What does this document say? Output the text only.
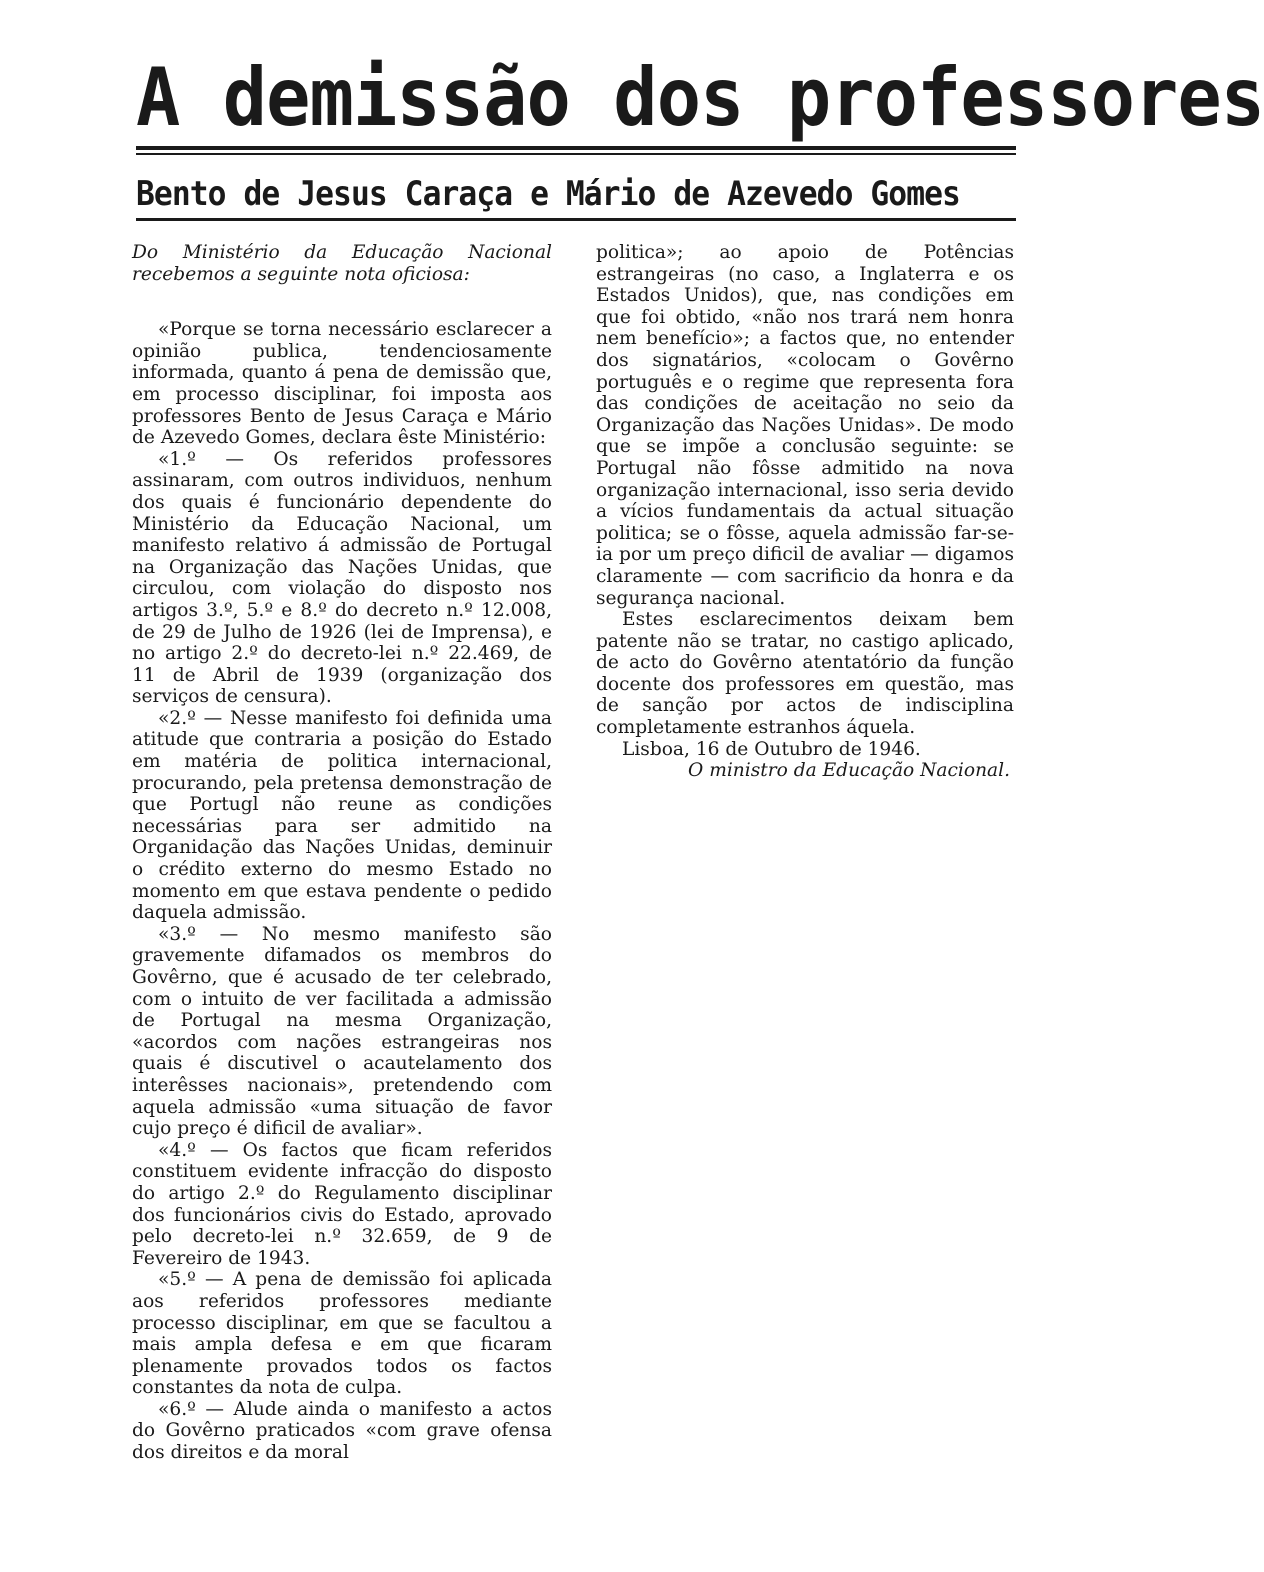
A demissão dos professores
Bento de Jesus Caraça e Mário de Azevedo Gomes

Do Ministério da Educação Nacional recebemos a seguinte nota oficiosa:

«Porque se torna necessário esclarecer a opinião publica, tendenciosamente informada, quanto á pena de demissão que, em processo disciplinar, foi imposta aos professores Bento de Jesus Caraça e Mário de Azevedo Gomes, declara êste Ministério:

«1.º — Os referidos professores assinaram, com outros individuos, nenhum dos quais é funcionário dependente do Ministério da Educação Nacional, um manifesto relativo á admissão de Portugal na Organização das Nações Unidas, que circulou, com violação do disposto nos artigos 3.º, 5.º e 8.º do decreto n.º 12.008, de 29 de Julho de 1926 (lei de Imprensa), e no artigo 2.º do decreto-lei n.º 22.469, de 11 de Abril de 1939 (organização dos serviços de censura).

«2.º — Nesse manifesto foi definida uma atitude que contraria a posição do Estado em matéria de politica internacional, procurando, pela pretensa demonstração de que Portugl não reune as condições necessárias para ser admitido na Organidação das Nações Unidas, deminuir o crédito externo do mesmo Estado no momento em que estava pendente o pedido daquela admissão.

«3.º — No mesmo manifesto são gravemente difamados os membros do Govêrno, que é acusado de ter celebrado, com o intuito de ver facilitada a admissão de Portugal na mesma Organização, «acordos com nações estrangeiras nos quais é discutivel o acautelamento dos interêsses nacionais», pretendendo com aquela admissão «uma situação de favor cujo preço é dificil de avaliar».

«4.º — Os factos que ficam referidos constituem evidente infracção do disposto do artigo 2.º do Regulamento disciplinar dos funcionários civis do Estado, aprovado pelo decreto-lei n.º 32.659, de 9 de Fevereiro de 1943.

«5.º — A pena de demissão foi aplicada aos referidos professores mediante processo disciplinar, em que se facultou a mais ampla defesa e em que ficaram plenamente provados todos os factos constantes da nota de culpa.

«6.º — Alude ainda o manifesto a actos do Govêrno praticados «com grave ofensa dos direitos e da moral

politica»; ao apoio de Potências estrangeiras (no caso, a Inglaterra e os Estados Unidos), que, nas condições em que foi obtido, «não nos trará nem honra nem benefício»; a factos que, no entender dos signatários, «colocam o Govêrno português e o regime que representa fora das condições de aceitação no seio da Organização das Nações Unidas». De modo que se impõe a conclusão seguinte: se Portugal não fôsse admitido na nova organização internacional, isso seria devido a vícios fundamentais da actual situação politica; se o fôsse, aquela admissão far-se-ia por um preço dificil de avaliar — digamos claramente — com sacrificio da honra e da segurança nacional.

Estes esclarecimentos deixam bem patente não se tratar, no castigo aplicado, de acto do Govêrno atentatório da função docente dos professores em questão, mas de sanção por actos de indisciplina completamente estranhos áquela.

Lisboa, 16 de Outubro de 1946.

O ministro da Educação Nacional.
